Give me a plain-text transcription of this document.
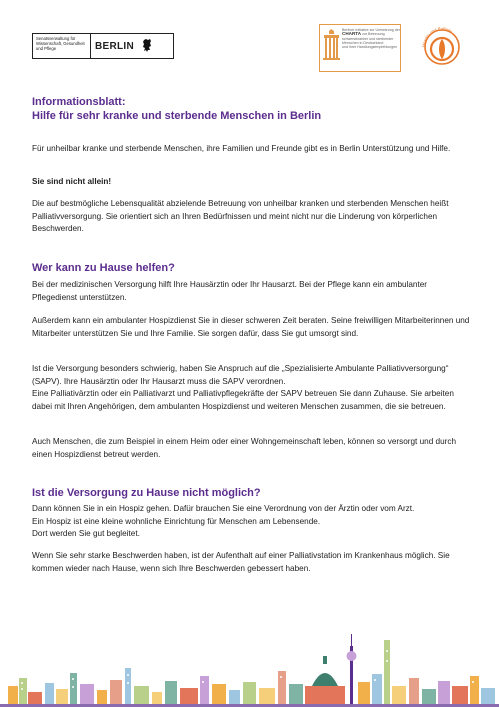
Senatsverwaltung für Wissenschaft, Gesundheit und Pflege	BERLIN
Berliner Initiative zur Umsetzung der
CHARTA zur Betreuung schwerstkranker und sterbender Menschen in Deutschland
und ihrer Handlungsempfehlungen	Hospiz- und Palliativ
Informationsblatt:
Hilfe für sehr kranke und sterbende Menschen in Berlin
Für unheilbar kranke und sterbende Menschen, ihre Familien und Freunde gibt es in Berlin Unterstützung und Hilfe.
Sie sind nicht allein!
Die auf bestmögliche Lebensqualität abzielende Betreuung von unheilbar kranken und sterbenden Menschen heißt Palliativversorgung. Sie orientiert sich an Ihren Bedürfnissen und meint nicht nur die Linderung von körperlichen Beschwerden.
Wer kann zu Hause helfen?
Bei der medizinischen Versorgung hilft Ihre Hausärztin oder Ihr Hausarzt. Bei der Pflege kann ein ambulanter Pflegedienst unterstützen.
Außerdem kann ein ambulanter Hospizdienst Sie in dieser schweren Zeit beraten. Seine freiwilligen Mitarbeiterinnen und Mitarbeiter unterstützen Sie und Ihre Familie. Sie sorgen dafür, dass Sie gut umsorgt sind.
Ist die Versorgung besonders schwierig, haben Sie Anspruch auf die „Spezialisierte Ambulante Palliativversorgung“ (SAPV). Ihre Hausärztin oder Ihr Hausarzt muss die SAPV verordnen.
Eine Palliativärztin oder ein Palliativarzt und Palliativpflegekräfte der SAPV betreuen Sie dann Zuhause. Sie arbeiten dabei mit Ihren Angehörigen, dem ambulanten Hospizdienst und weiteren Menschen zusammen, die sie betreuen.
Auch Menschen, die zum Beispiel in einem Heim oder einer Wohngemeinschaft leben, können so versorgt und durch einen Hospizdienst betreut werden.
Ist die Versorgung zu Hause nicht möglich?
Dann können Sie in ein Hospiz gehen. Dafür brauchen Sie eine Verordnung von der Ärztin oder vom Arzt.
Ein Hospiz ist eine kleine wohnliche Einrichtung für Menschen am Lebensende.
Dort werden Sie gut begleitet.
Wenn Sie sehr starke Beschwerden haben, ist der Aufenthalt auf einer Palliativstation im Krankenhaus möglich. Sie kommen wieder nach Hause, wenn sich Ihre Beschwerden gebessert haben.
